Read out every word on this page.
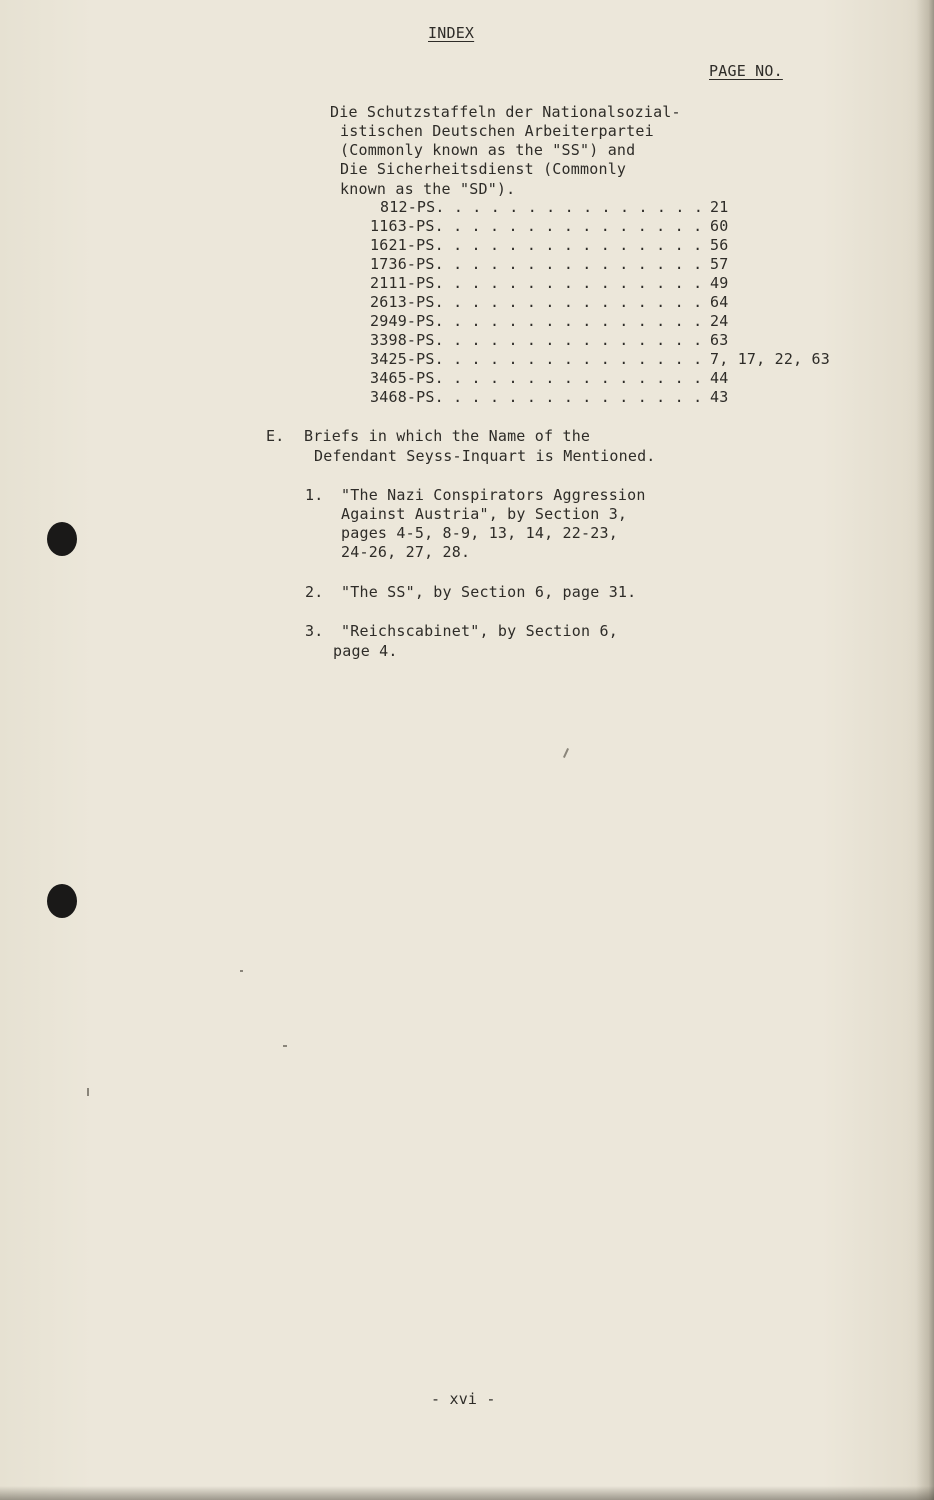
INDEX
PAGE NO.
Die Schutzstaffeln der Nationalsozial-
istischen Deutschen Arbeiterpartei
(Commonly known as the "SS") and
Die Sicherheitsdienst (Commonly
known as the "SD").
812-PS. . . . . . . . . . . . . . . 21
1163-PS. . . . . . . . . . . . . . . 60
1621-PS. . . . . . . . . . . . . . . 56
1736-PS. . . . . . . . . . . . . . . 57
2111-PS. . . . . . . . . . . . . . . 49
2613-PS. . . . . . . . . . . . . . . 64
2949-PS. . . . . . . . . . . . . . . 24
3398-PS. . . . . . . . . . . . . . . 63
3425-PS. . . . . . . . . . . . . . . 7, 17, 22, 63
3465-PS. . . . . . . . . . . . . . . 44
3468-PS. . . . . . . . . . . . . . . 43
E. Briefs in which the Name of the
Defendant Seyss-Inquart is Mentioned.
1. "The Nazi Conspirators Aggression
Against Austria", by Section 3,
pages 4-5, 8-9, 13, 14, 22-23,
24-26, 27, 28.
2. "The SS", by Section 6, page 31.
3. "Reichscabinet", by Section 6,
page 4.
- xvi -
